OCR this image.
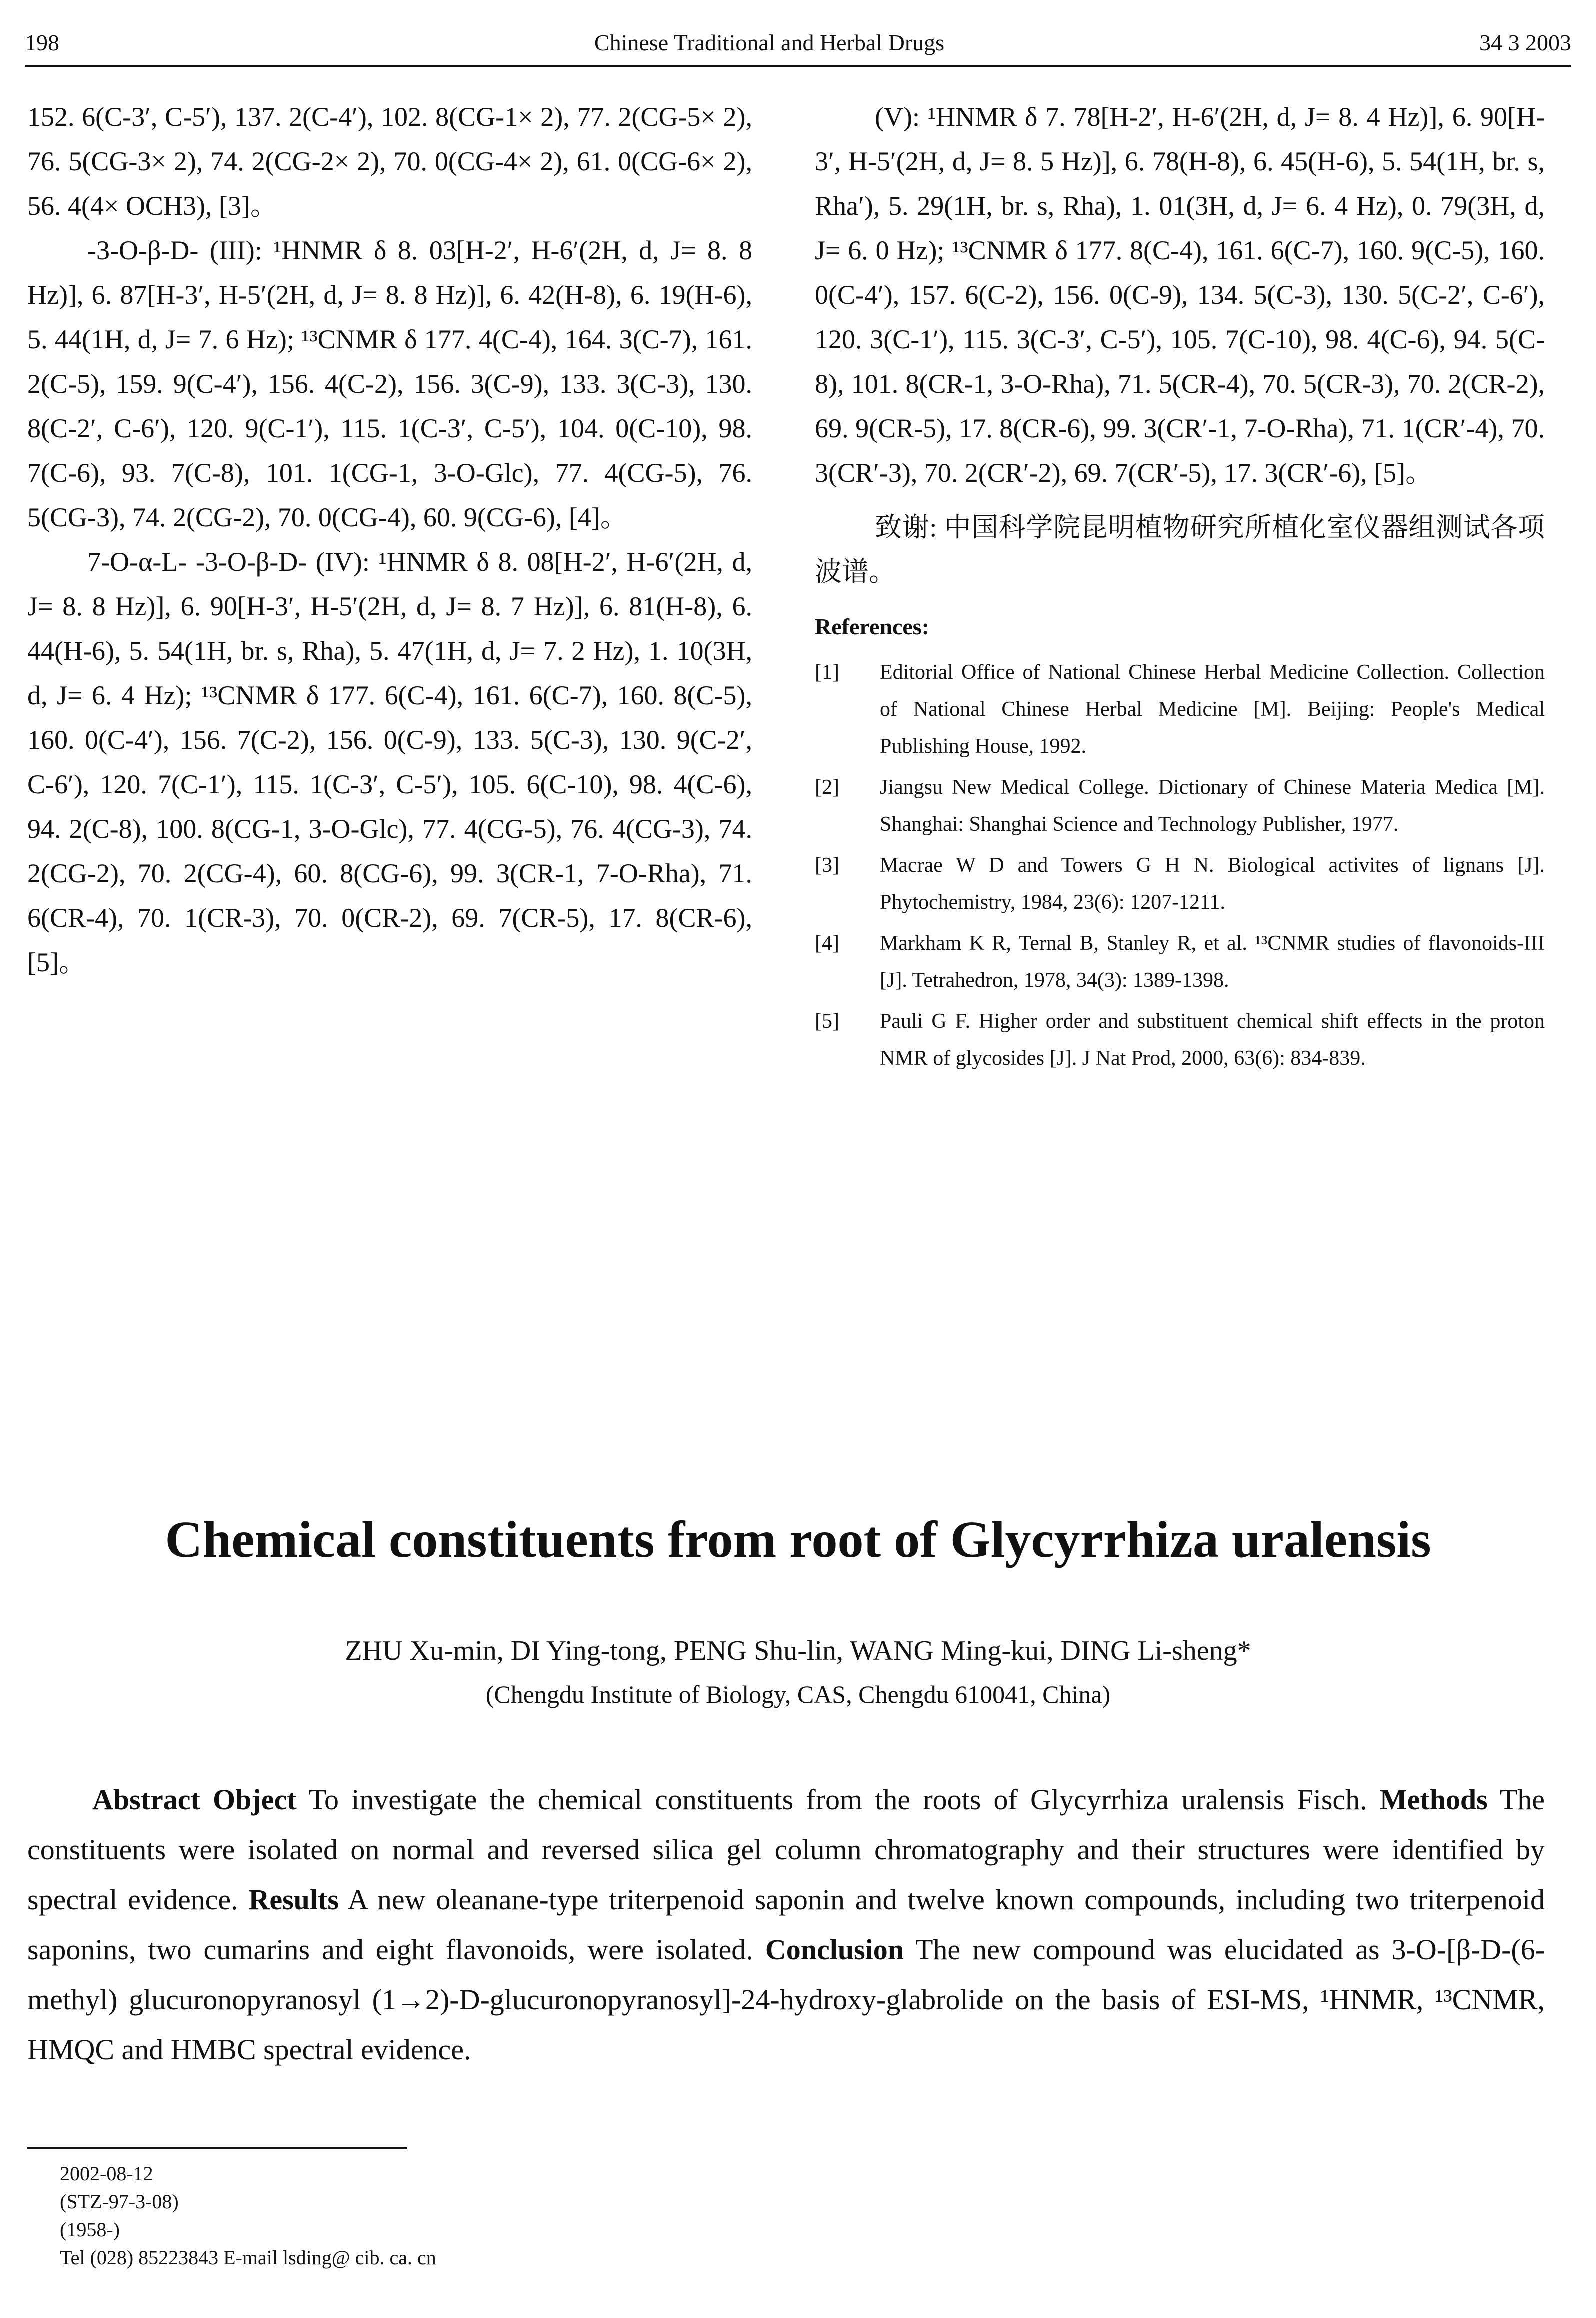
198	Chinese Traditional and Herbal Drugs	34 3 2003

152. 6(C-3′, C-5′), 137. 2(C-4′), 102. 8(CG-1× 2), 77. 2(CG-5× 2), 76. 5(CG-3× 2), 74. 2(CG-2× 2), 70. 0(CG-4× 2), 61. 0(CG-6× 2), 56. 4(4× OCH3), [3]。

-3-O-β-D- (III): ¹HNMR δ 8. 03[H-2′, H-6′(2H, d, J= 8. 8 Hz)], 6. 87[H-3′, H-5′(2H, d, J= 8. 8 Hz)], 6. 42(H-8), 6. 19(H-6), 5. 44(1H, d, J= 7. 6 Hz); ¹³CNMR δ 177. 4(C-4), 164. 3(C-7), 161. 2(C-5), 159. 9(C-4′), 156. 4(C-2), 156. 3(C-9), 133. 3(C-3), 130. 8(C-2′, C-6′), 120. 9(C-1′), 115. 1(C-3′, C-5′), 104. 0(C-10), 98. 7(C-6), 93. 7(C-8), 101. 1(CG-1, 3-O-Glc), 77. 4(CG-5), 76. 5(CG-3), 74. 2(CG-2), 70. 0(CG-4), 60. 9(CG-6), [4]。

7-O-α-L- -3-O-β-D- (IV): ¹HNMR δ 8. 08[H-2′, H-6′(2H, d, J= 8. 8 Hz)], 6. 90[H-3′, H-5′(2H, d, J= 8. 7 Hz)], 6. 81(H-8), 6. 44(H-6), 5. 54(1H, br. s, Rha), 5. 47(1H, d, J= 7. 2 Hz), 1. 10(3H, d, J= 6. 4 Hz); ¹³CNMR δ 177. 6(C-4), 161. 6(C-7), 160. 8(C-5), 160. 0(C-4′), 156. 7(C-2), 156. 0(C-9), 133. 5(C-3), 130. 9(C-2′, C-6′), 120. 7(C-1′), 115. 1(C-3′, C-5′), 105. 6(C-10), 98. 4(C-6), 94. 2(C-8), 100. 8(CG-1, 3-O-Glc), 77. 4(CG-5), 76. 4(CG-3), 74. 2(CG-2), 70. 2(CG-4), 60. 8(CG-6), 99. 3(CR-1, 7-O-Rha), 71. 6(CR-4), 70. 1(CR-3), 70. 0(CR-2), 69. 7(CR-5), 17. 8(CR-6), [5]。

(V): ¹HNMR δ 7. 78[H-2′, H-6′(2H, d, J= 8. 4 Hz)], 6. 90[H-3′, H-5′(2H, d, J= 8. 5 Hz)], 6. 78(H-8), 6. 45(H-6), 5. 54(1H, br. s, Rha′), 5. 29(1H, br. s, Rha), 1. 01(3H, d, J= 6. 4 Hz), 0. 79(3H, d, J= 6. 0 Hz); ¹³CNMR δ 177. 8(C-4), 161. 6(C-7), 160. 9(C-5), 160. 0(C-4′), 157. 6(C-2), 156. 0(C-9), 134. 5(C-3), 130. 5(C-2′, C-6′), 120. 3(C-1′), 115. 3(C-3′, C-5′), 105. 7(C-10), 98. 4(C-6), 94. 5(C-8), 101. 8(CR-1, 3-O-Rha), 71. 5(CR-4), 70. 5(CR-3), 70. 2(CR-2), 69. 9(CR-5), 17. 8(CR-6), 99. 3(CR′-1, 7-O-Rha), 71. 1(CR′-4), 70. 3(CR′-3), 70. 2(CR′-2), 69. 7(CR′-5), 17. 3(CR′-6), [5]。

致谢: 中国科学院昆明植物研究所植化室仪器组测试各项波谱。

References:

[1]	Editorial Office of National Chinese Herbal Medicine Collection. Collection of National Chinese Herbal Medicine [M]. Beijing: People's Medical Publishing House, 1992.

[2]	Jiangsu New Medical College. Dictionary of Chinese Materia Medica [M]. Shanghai: Shanghai Science and Technology Publisher, 1977.

[3]	Macrae W D and Towers G H N. Biological activites of lignans [J]. Phytochemistry, 1984, 23(6): 1207-1211.

[4]	Markham K R, Ternal B, Stanley R, et al. ¹³CNMR studies of flavonoids-III [J]. Tetrahedron, 1978, 34(3): 1389-1398.

[5]	Pauli G F. Higher order and substituent chemical shift effects in the proton NMR of glycosides [J]. J Nat Prod, 2000, 63(6): 834-839.

Chemical constituents from root of Glycyrrhiza uralensis
ZHU Xu-min, DI Ying-tong, PENG Shu-lin, WANG Ming-kui, DING Li-sheng*
(Chengdu Institute of Biology, CAS, Chengdu 610041, China)

Abstract Object To investigate the chemical constituents from the roots of Glycyrrhiza uralensis Fisch. Methods The constituents were isolated on normal and reversed silica gel column chromatography and their structures were identified by spectral evidence. Results A new oleanane-type triterpenoid saponin and twelve known compounds, including two triterpenoid saponins, two cumarins and eight flavonoids, were isolated. Conclusion The new compound was elucidated as 3-O-[β-D-(6-methyl) glucuronopyranosyl (1→2)-D-glucuronopyranosyl]-24-hydroxy-glabrolide on the basis of ESI-MS, ¹HNMR, ¹³CNMR, HMQC and HMBC spectral evidence.

2002-08-12

(STZ-97-3-08)

(1958-)

Tel (028) 85223843 E-mail lsding@ cib. ca. cn
